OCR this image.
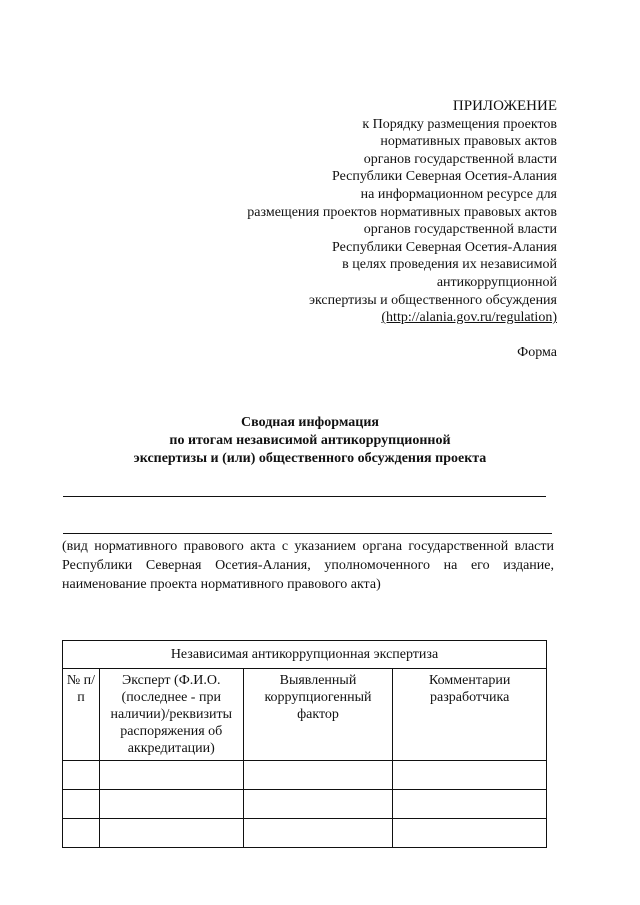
ПРИЛОЖЕНИЕ
к Порядку размещения проектов
нормативных правовых актов
органов государственной власти
Республики Северная Осетия-Алания
на информационном ресурсе для
размещения проектов нормативных правовых актов
органов государственной власти
Республики Северная Осетия-Алания
в целях проведения их независимой
антикоррупционной
экспертизы и общественного обсуждения
(http://alania.gov.ru/regulation)
Форма
Сводная информация
по итогам независимой антикоррупционной
экспертизы и (или) общественного обсуждения проекта
(вид нормативного правового акта с указанием органа государственной власти Республики Северная Осетия-Алания, уполномоченного на его издание, наименование проекта нормативного правового акта)
Независимая антикоррупционная экспертиза			
№ п/п	Эксперт (Ф.И.О. (последнее - при наличии)/реквизиты распоряжения об аккредитации)	Выявленный коррупциогенный фактор	Комментарии разработчика
